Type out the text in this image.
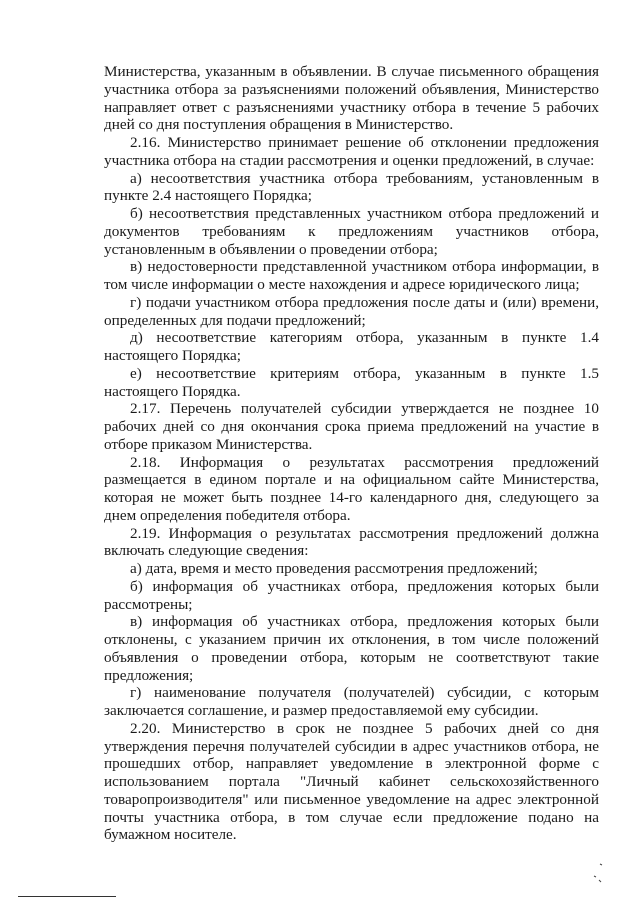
Министерства, указанным в объявлении. В случае письменного обращения участника отбора за разъяснениями положений объявления, Министерство направляет ответ с разъяснениями участнику отбора в течение 5 рабочих дней со дня поступления обращения в Министерство.

2.16. Министерство принимает решение об отклонении предложения участника отбора на стадии рассмотрения и оценки предложений, в случае:

а) несоответствия участника отбора требованиям, установленным в пункте 2.4 настоящего Порядка;

б) несоответствия представленных участником отбора предложений и документов требованиям к предложениям участников отбора, установленным в объявлении о проведении отбора;

в) недостоверности представленной участником отбора информации, в том числе информации о месте нахождения и адресе юридического лица;

г) подачи участником отбора предложения после даты и (или) времени, определенных для подачи предложений;

д) несоответствие категориям отбора, указанным в пункте 1.4 настоящего Порядка;

е) несоответствие критериям отбора, указанным в пункте 1.5 настоящего Порядка.

2.17. Перечень получателей субсидии утверждается не позднее 10 рабочих дней со дня окончания срока приема предложений на участие в отборе приказом Министерства.

2.18. Информация о результатах рассмотрения предложений размещается в едином портале и на официальном сайте Министерства, которая не может быть позднее 14-го календарного дня, следующего за днем определения победителя отбора.

2.19. Информация о результатах рассмотрения предложений должна включать следующие сведения:

а) дата, время и место проведения рассмотрения предложений;

б) информация об участниках отбора, предложения которых были рассмотрены;

в) информация об участниках отбора, предложения которых были отклонены, с указанием причин их отклонения, в том числе положений объявления о проведении отбора, которым не соответствуют такие предложения;

г) наименование получателя (получателей) субсидии, с которым заключается соглашение, и размер предоставляемой ему субсидии.

2.20. Министерство в срок не позднее 5 рабочих дней со дня утверждения перечня получателей субсидии в адрес участников отбора, не прошедших отбор, направляет уведомление в электронной форме с использованием портала "Личный кабинет сельскохозяйственного товаропроизводителя" или письменное уведомление на адрес электронной почты участника отбора, в том случае если предложение подано на бумажном носителе.
